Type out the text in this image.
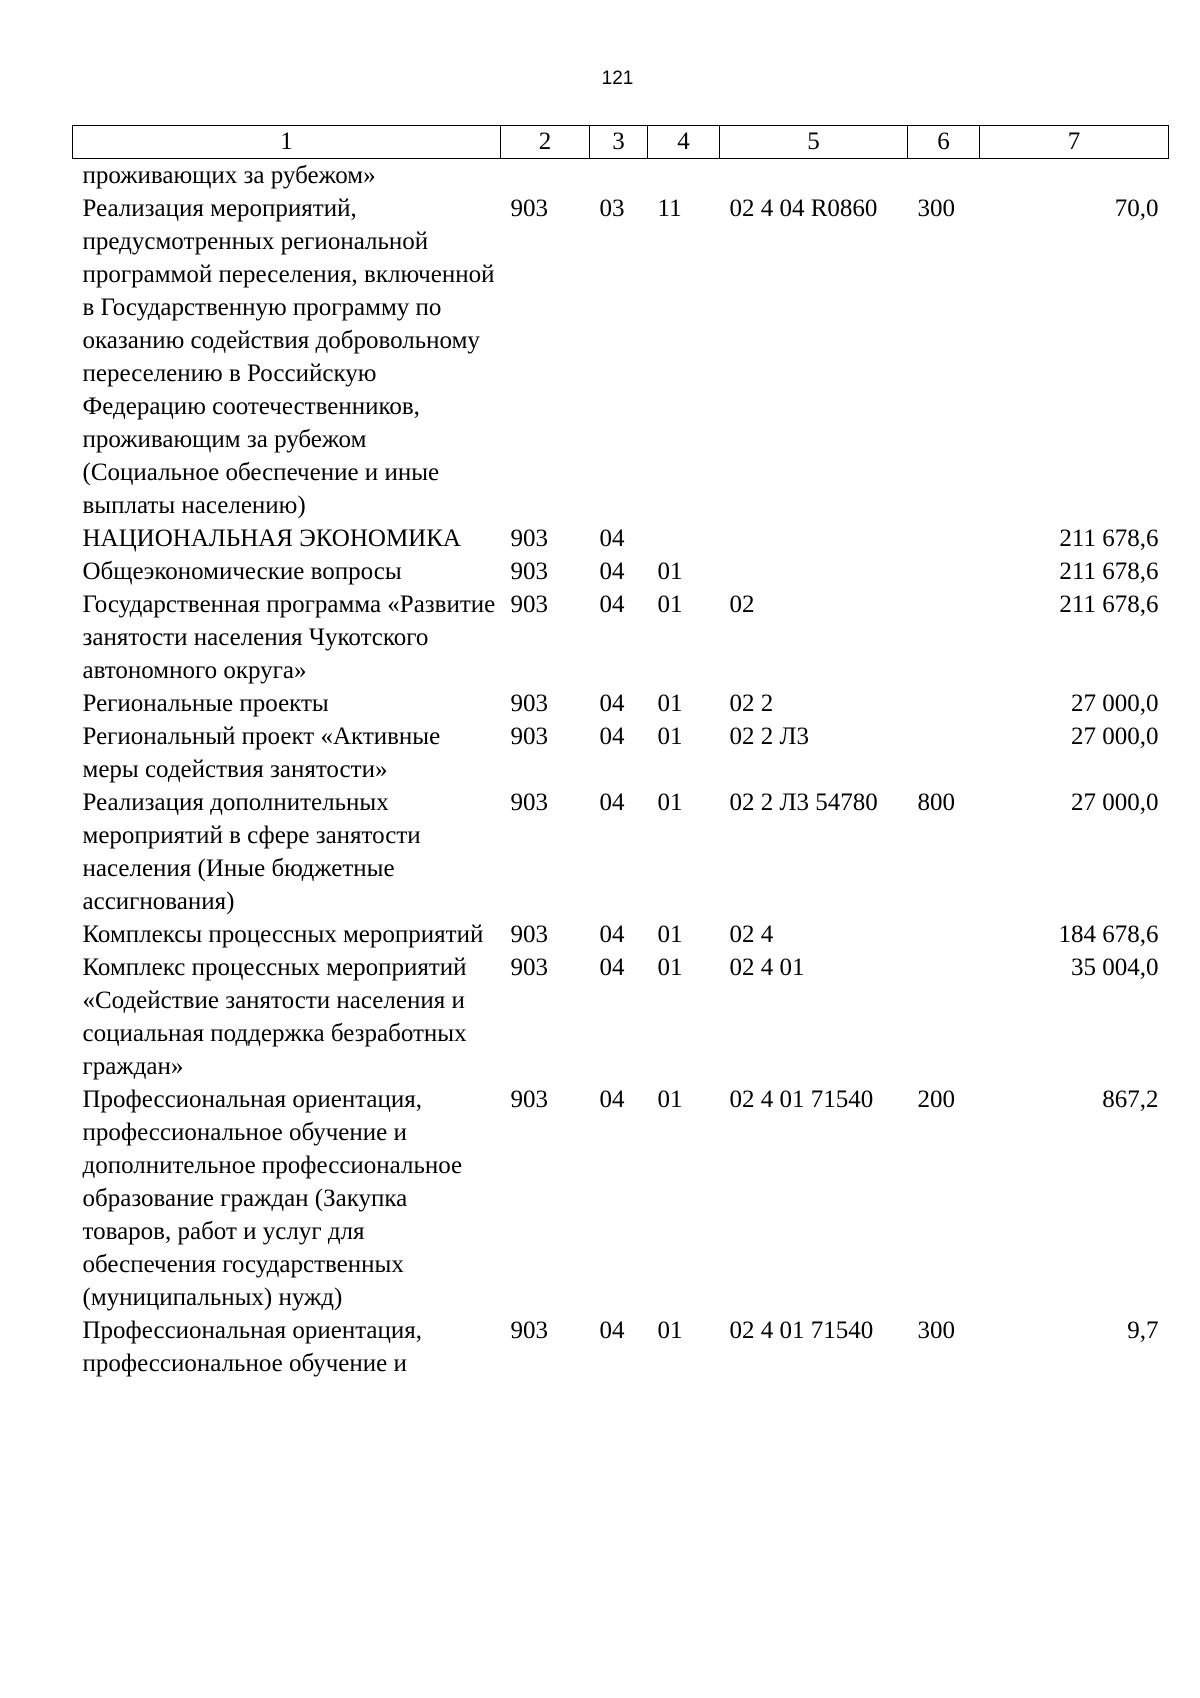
121
1	2	3	4	5	6	7
проживающих за рубежом»						
Реализация мероприятий, предусмотренных региональной программой переселения, включенной в Государственную программу по оказанию содействия добровольному переселению в Российскую Федерацию соотечественников, проживающим за рубежом (Социальное обеспечение и иные выплаты населению)	903	03	11	02 4 04 R0860	300	70,0
НАЦИОНАЛЬНАЯ ЭКОНОМИКА	903	04				211 678,6
Общеэкономические вопросы	903	04	01			211 678,6
Государственная программа «Развитие занятости населения Чукотского автономного округа»	903	04	01	02		211 678,6
Региональные проекты	903	04	01	02 2		27 000,0
Региональный проект «Активные меры содействия занятости»	903	04	01	02 2 Л3		27 000,0
Реализация дополнительных мероприятий в сфере занятости населения (Иные бюджетные ассигнования)	903	04	01	02 2 Л3 54780	800	27 000,0
Комплексы процессных мероприятий	903	04	01	02 4		184 678,6
Комплекс процессных мероприятий «Содействие занятости населения и социальная поддержка безработных граждан»	903	04	01	02 4 01		35 004,0
Профессиональная ориентация, профессиональное обучение и дополнительное профессиональное образование граждан (Закупка товаров, работ и услуг для обеспечения государственных (муниципальных) нужд)	903	04	01	02 4 01 71540	200	867,2
Профессиональная ориентация, профессиональное обучение и	903	04	01	02 4 01 71540	300	9,7
